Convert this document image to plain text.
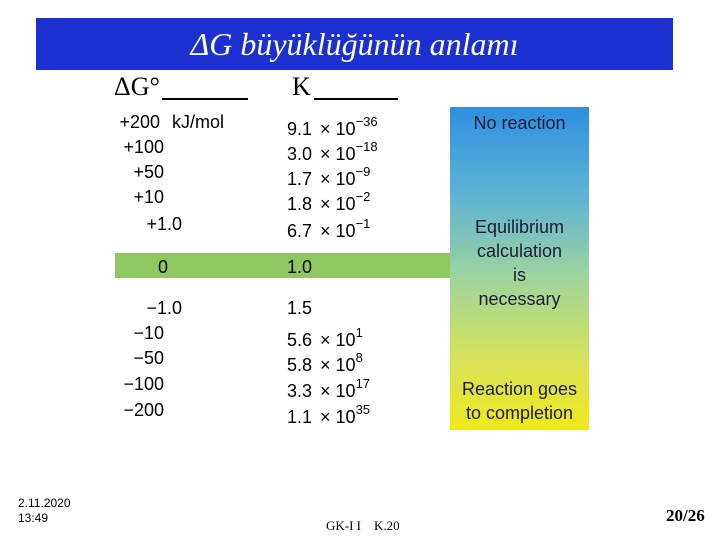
ΔG büyüklüğünün anlamı
ΔG°	K
No reaction
Equilibrium calculation is necessary
Reaction goes to completion
+200 kJ/mol	$9.1 \times 10^{-36}$
+100	$3.0 \times 10^{-18}$
+50	$1.7 \times 10^{-9}$
+10	$1.8 \times 10^{-2}$
+1.0	$6.7 \times 10^{-1}$
0	1.0
−1.0	1.5
−10	$5.6 \times 10^1$
−50	$5.8 \times 10^8$
−100	$3.3 \times 10^{17}$
−200	$1.1 \times 10^{35}$
2.11.2020
13:49	GK-I I    K.20
20/26
